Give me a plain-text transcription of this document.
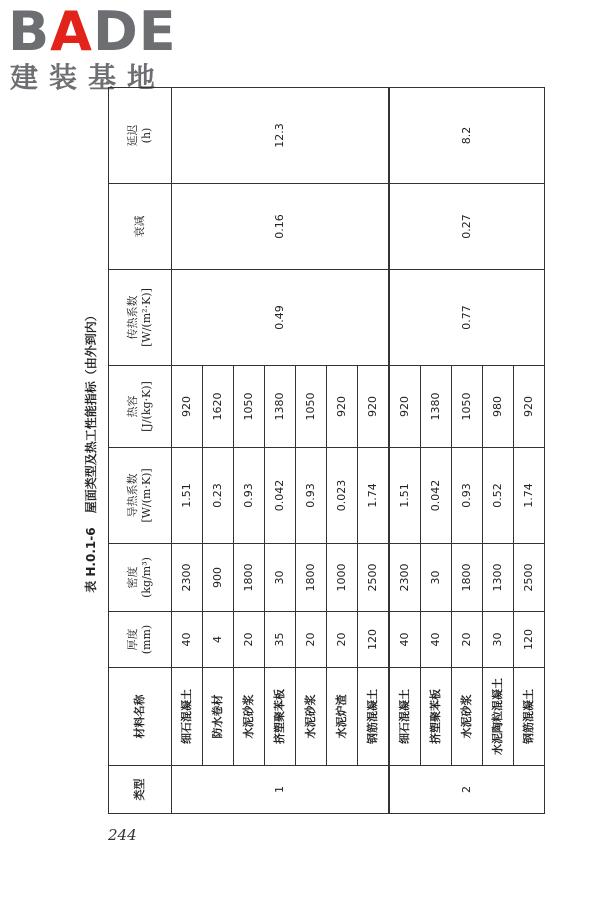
BADE
建装基地
表 H.0.1-6 屋面类型及热工性能指标（由外到内）
类型	材料名称	厚度 (mm)	密度 (kg/m³)	导热系数 [W/(m·K)]	热容 [J/(kg·K)]	传热系数 [W/(m²·K)]	衰减	延迟 (h)

1	细石混凝土	40	2300	1.51	920	0.49	0.16	12.3
	防水卷材	4	900	0.23	1620			
	水泥砂浆	20	1800	0.93	1050			
	挤塑聚苯板	35	30	0.042	1380			
	水泥砂浆	20	1800	0.93	1050			
	水泥炉渣	20	1000	0.023	920			
	钢筋混凝土	120	2500	1.74	920			
2	细石混凝土	40	2300	1.51	920	0.77	0.27	8.2
	挤塑聚苯板	40	30	0.042	1380			
	水泥砂浆	20	1800	0.93	1050			
	水泥陶粒混凝土	30	1300	0.52	980			
	钢筋混凝土	120	2500	1.74	920			
244
